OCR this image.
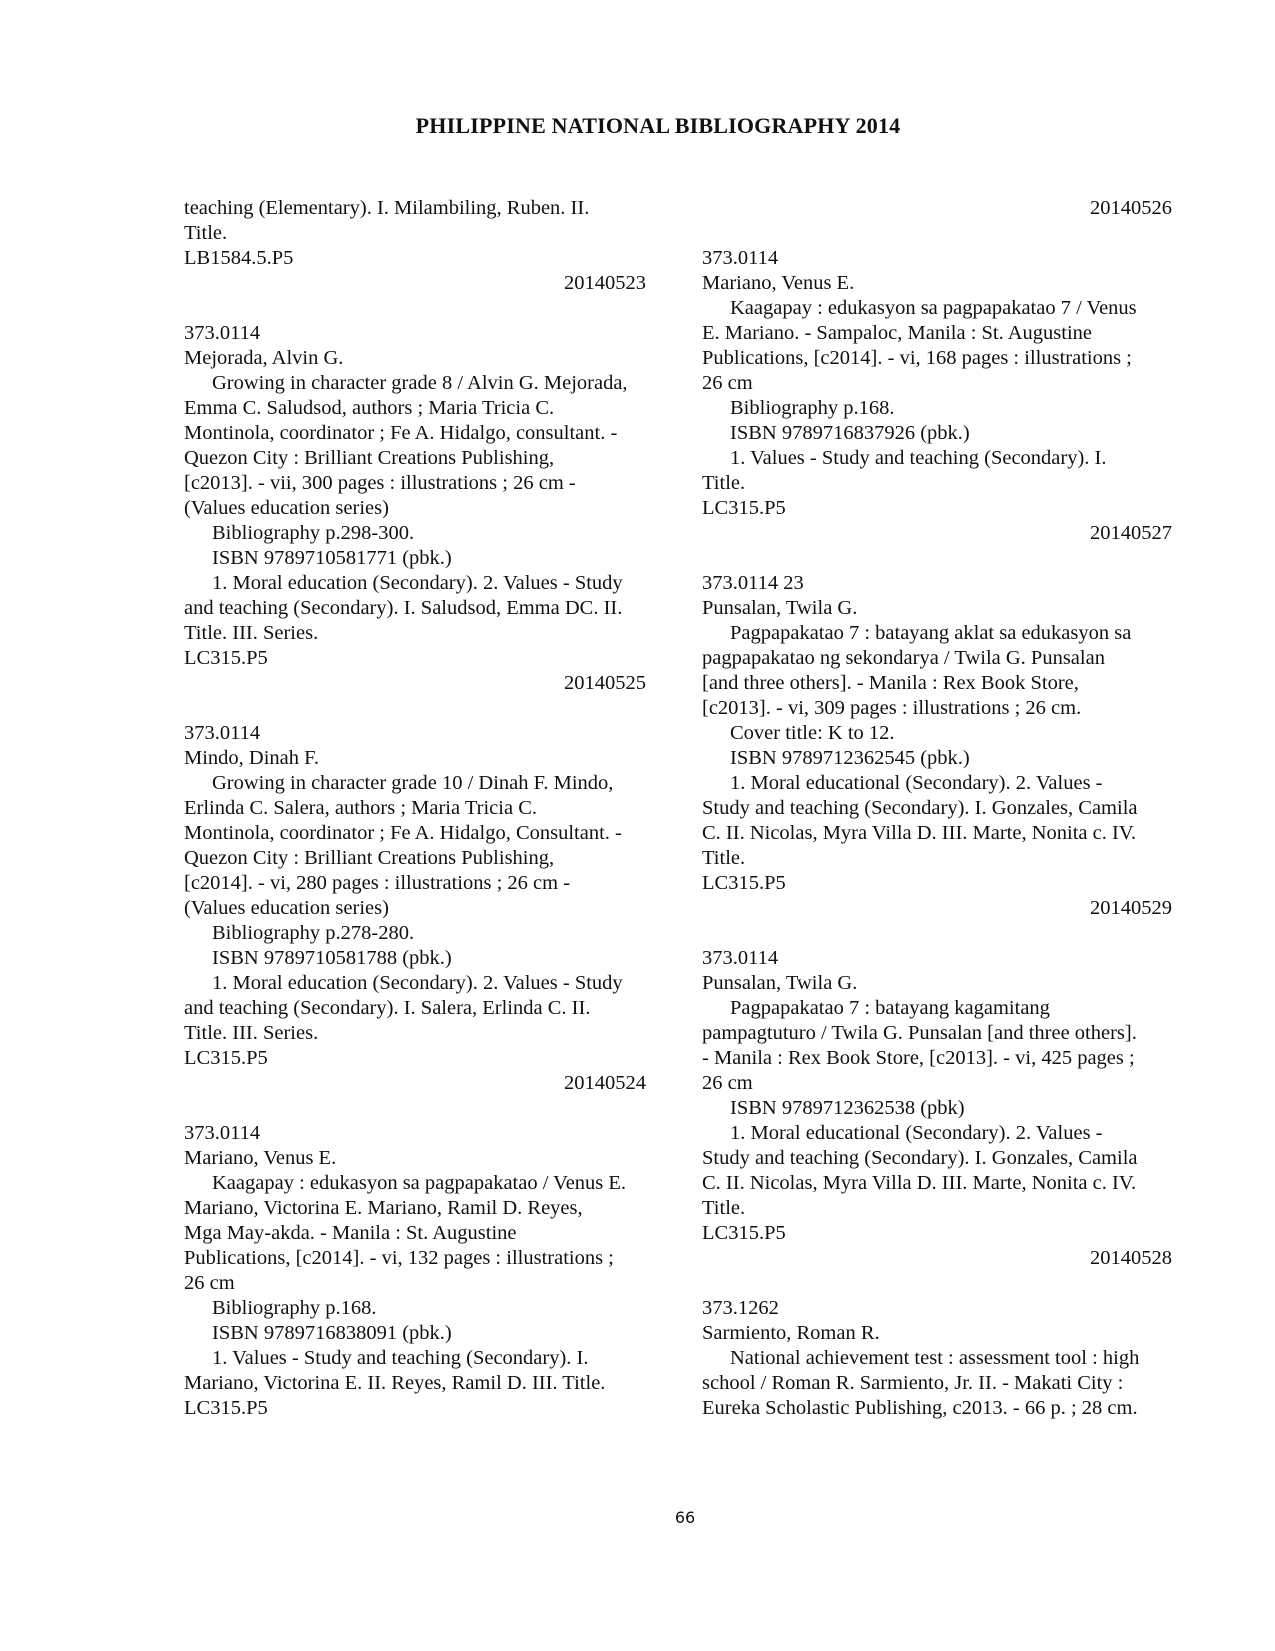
PHILIPPINE NATIONAL BIBLIOGRAPHY 2014
teaching (Elementary). I. Milambiling, Ruben. II.
Title.
LB1584.5.P5
20140523
373.0114
Mejorada, Alvin G.
Growing in character grade 8 / Alvin G. Mejorada,
Emma C. Saludsod, authors ; Maria Tricia C.
Montinola, coordinator ; Fe A. Hidalgo, consultant. -
Quezon City : Brilliant Creations Publishing,
[c2013]. - vii, 300 pages : illustrations ; 26 cm -
(Values education series)
Bibliography p.298-300.
ISBN 9789710581771 (pbk.)
1. Moral education (Secondary). 2. Values - Study
and teaching (Secondary). I. Saludsod, Emma DC. II.
Title. III. Series.
LC315.P5
20140525
373.0114
Mindo, Dinah F.
Growing in character grade 10 / Dinah F. Mindo,
Erlinda C. Salera, authors ; Maria Tricia C.
Montinola, coordinator ; Fe A. Hidalgo, Consultant. -
Quezon City : Brilliant Creations Publishing,
[c2014]. - vi, 280 pages : illustrations ; 26 cm -
(Values education series)
Bibliography p.278-280.
ISBN 9789710581788 (pbk.)
1. Moral education (Secondary). 2. Values - Study
and teaching (Secondary). I. Salera, Erlinda C. II.
Title. III. Series.
LC315.P5
20140524
373.0114
Mariano, Venus E.
Kaagapay : edukasyon sa pagpapakatao / Venus E.
Mariano, Victorina E. Mariano, Ramil D. Reyes,
Mga May-akda. - Manila : St. Augustine
Publications, [c2014]. - vi, 132 pages : illustrations ;
26 cm
Bibliography p.168.
ISBN 9789716838091 (pbk.)
1. Values - Study and teaching (Secondary). I.
Mariano, Victorina E. II. Reyes, Ramil D. III. Title.
LC315.P5
20140526
373.0114
Mariano, Venus E.
Kaagapay : edukasyon sa pagpapakatao 7 / Venus
E. Mariano. - Sampaloc, Manila : St. Augustine
Publications, [c2014]. - vi, 168 pages : illustrations ;
26 cm
Bibliography p.168.
ISBN 9789716837926 (pbk.)
1. Values - Study and teaching (Secondary). I.
Title.
LC315.P5
20140527
373.0114 23
Punsalan, Twila G.
Pagpapakatao 7 : batayang aklat sa edukasyon sa
pagpapakatao ng sekondarya / Twila G. Punsalan
[and three others]. - Manila : Rex Book Store,
[c2013]. - vi, 309 pages : illustrations ; 26 cm.
Cover title: K to 12.
ISBN 9789712362545 (pbk.)
1. Moral educational (Secondary). 2. Values -
Study and teaching (Secondary). I. Gonzales, Camila
C. II. Nicolas, Myra Villa D. III. Marte, Nonita c. IV.
Title.
LC315.P5
20140529
373.0114
Punsalan, Twila G.
Pagpapakatao 7 : batayang kagamitang
pampagtuturo / Twila G. Punsalan [and three others].
- Manila : Rex Book Store, [c2013]. - vi, 425 pages ;
26 cm
ISBN 9789712362538 (pbk)
1. Moral educational (Secondary). 2. Values -
Study and teaching (Secondary). I. Gonzales, Camila
C. II. Nicolas, Myra Villa D. III. Marte, Nonita c. IV.
Title.
LC315.P5
20140528
373.1262
Sarmiento, Roman R.
National achievement test : assessment tool : high
school / Roman R. Sarmiento, Jr. II. - Makati City :
Eureka Scholastic Publishing, c2013. - 66 p. ; 28 cm.
66
